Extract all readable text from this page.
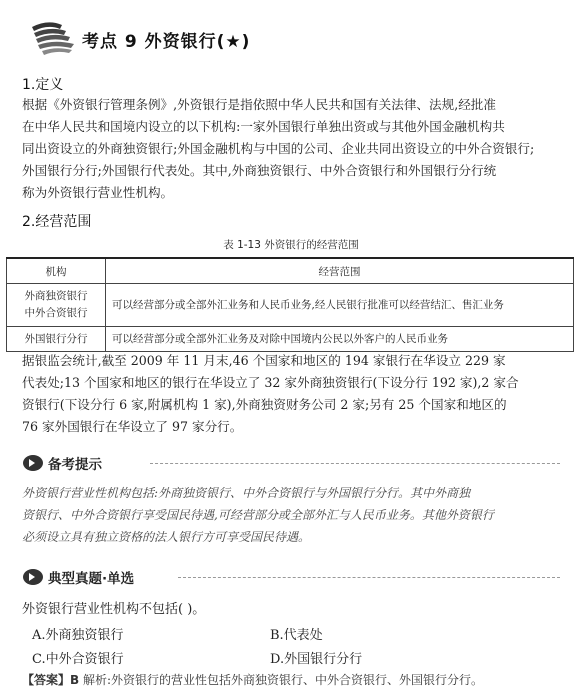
考点 9 外资银行(★)
1.定义
根据《外资银行管理条例》,外资银行是指依照中华人民共和国有关法律、法规,经批准
在中华人民共和国境内设立的以下机构:一家外国银行单独出资或与其他外国金融机构共
同出资设立的外商独资银行;外国金融机构与中国的公司、企业共同出资设立的中外合资银行;
外国银行分行;外国银行代表处。其中,外商独资银行、中外合资银行和外国银行分行统
称为外资银行营业性机构。
2.经营范围
表 1-13 外资银行的经营范围
机构	经营范围

外商独资银行
中外合资银行	可以经营部分或全部外汇业务和人民币业务,经人民银行批准可以经营结汇、售汇业务
外国银行分行	可以经营部分或全部外汇业务及对除中国境内公民以外客户的人民币业务
据银监会统计,截至 2009 年 11 月末,46 个国家和地区的 194 家银行在华设立 229 家
代表处;13 个国家和地区的银行在华设立了 32 家外商独资银行(下设分行 192 家),2 家合
资银行(下设分行 6 家,附属机构 1 家),外商独资财务公司 2 家;另有 25 个国家和地区的
76 家外国银行在华设立了 97 家分行。
备考提示
外资银行营业性机构包括:外商独资银行、中外合资银行与外国银行分行。其中外商独
资银行、中外合资银行享受国民待遇,可经营部分或全部外汇与人民币业务。其他外资银行
必须设立具有独立资格的法人银行方可享受国民待遇。
典型真题·单选
外资银行营业性机构不包括( )。
A.外商独资银行	B.代表处
C.中外合资银行	D.外国银行分行
【答案】B 解析:外资银行的营业性包括外商独资银行、中外合资银行、外国银行分行。
